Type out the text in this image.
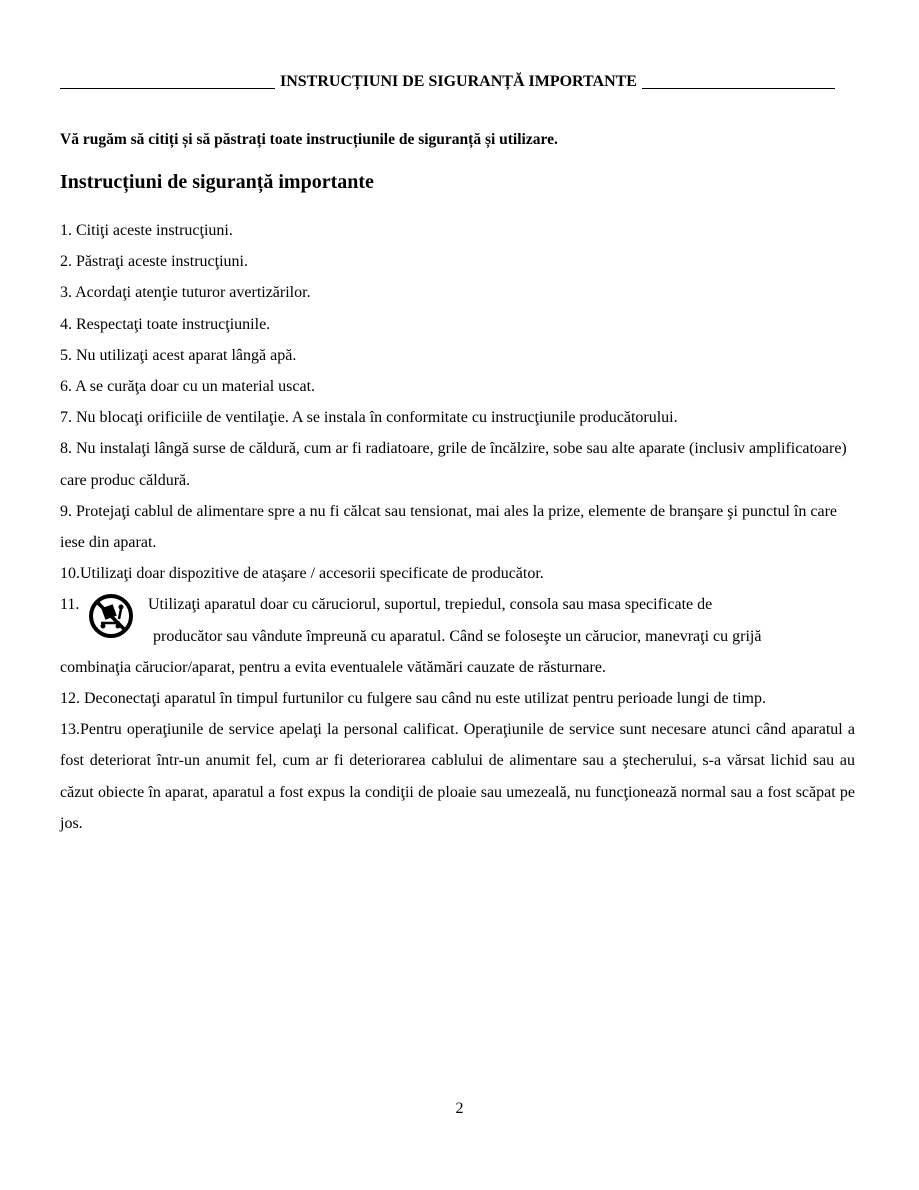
INSTRUCȚIUNI DE SIGURANȚĂ IMPORTANTE
Vă rugăm să citiți și să păstrați toate instrucțiunile de siguranță și utilizare.
Instrucțiuni de siguranță importante

1. Citiţi aceste instrucţiuni.

2. Păstraţi aceste instrucţiuni.

3. Acordaţi atenţie tuturor avertizărilor.

4. Respectaţi toate instrucţiunile.

5. Nu utilizaţi acest aparat lângă apă.

6. A se curăţa doar cu un material uscat.

7. Nu blocaţi orificiile de ventilaţie. A se instala în conformitate cu instrucţiunile producătorului.

8. Nu instalaţi lângă surse de căldură, cum ar fi radiatoare, grile de încălzire, sobe sau alte aparate (inclusiv amplificatoare) care produc căldură.

9. Protejaţi cablul de alimentare spre a nu fi călcat sau tensionat, mai ales la prize, elemente de branşare şi punctul în care iese din aparat.

10.Utilizaţi doar dispozitive de ataşare / accesorii specificate de producător.

11.	Utilizaţi aparatul doar cu căruciorul, suportul, trepiedul, consola sau masa specificate de
producător sau vândute împreună cu aparatul. Când se foloseşte un cărucior, manevraţi cu grijă

combinaţia cărucior/aparat, pentru a evita eventualele vătămări cauzate de răsturnare.

12. Deconectaţi aparatul în timpul furtunilor cu fulgere sau când nu este utilizat pentru perioade lungi de timp.

13.Pentru operaţiunile de service apelaţi la personal calificat. Operaţiunile de service sunt necesare atunci când aparatul a fost deteriorat într-un anumit fel, cum ar fi deteriorarea cablului de alimentare sau a ştecherului, s-a vărsat lichid sau au căzut obiecte în aparat, aparatul a fost expus la condiţii de ploaie sau umezeală, nu funcţionează normal sau a fost scăpat pe jos.

2
